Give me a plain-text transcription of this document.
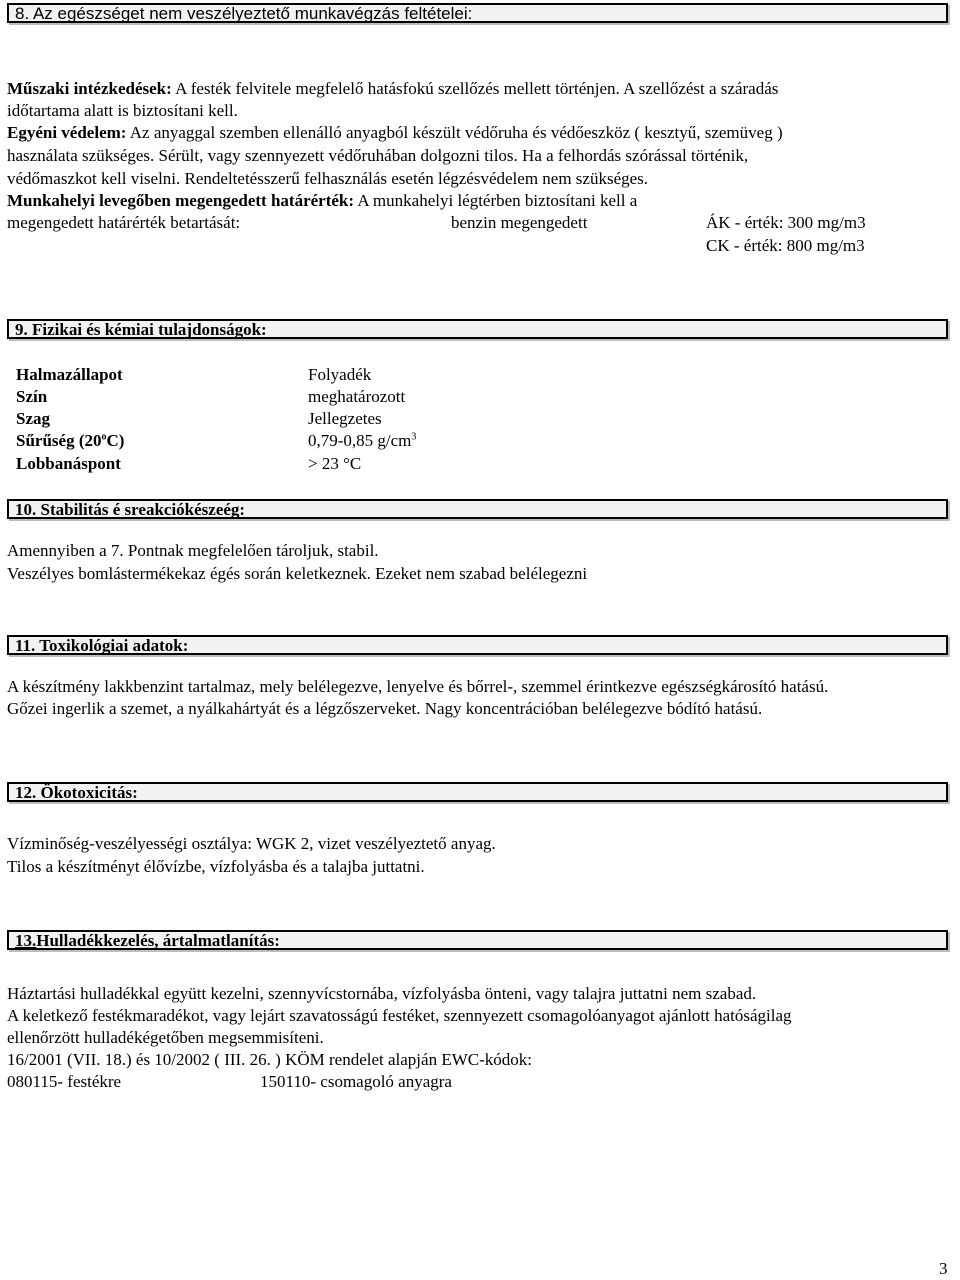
8. Az egészséget nem veszélyeztető munkavégzás feltételei:
Műszaki intézkedések: A festék felvitele megfelelő hatásfokú szellőzés mellett történjen. A szellőzést a száradás
időtartama alatt is biztosítani kell.
Egyéni védelem: Az anyaggal szemben ellenálló anyagból készült védőruha és védőeszköz ( kesztyű, szemüveg )
használata szükséges. Sérült, vagy szennyezett védőruhában dolgozni tilos. Ha a felhordás szórással történik,
védőmaszkot kell viselni. Rendeltetésszerű felhasználás esetén légzésvédelem nem szükséges.
Munkahelyi levegőben megengedett határérték: A munkahelyi légtérben biztosítani kell a
megengedett határérték betartását:	benzin megengedett	ÁK - érték: 300 mg/m3
CK - érték: 800 mg/m3
9. Fizikai és kémiai tulajdonságok:
Halmazállapot	Folyadék
Szín	meghatározott
Szag	Jellegzetes
Sűrűség (20$^o$C)	0,79-0,85 $g/cm^3$
Lobbanáspont	> 23 °C
10. Stabilitás é sreakciókészeég:
Amennyiben a 7. Pontnak megfelelően tároljuk, stabil.
Veszélyes bomlástermékekaz égés során keletkeznek. Ezeket nem szabad belélegezni
11. Toxikológiai adatok:
A készítmény lakkbenzint tartalmaz, mely belélegezve, lenyelve és bőrrel-, szemmel érintkezve egészségkárosító hatású.
Gőzei ingerlik a szemet, a nyálkahártyát és a légzőszerveket. Nagy koncentrációban belélegezve bódító hatású.
12. Ökotoxicitás:
Vízminőség-veszélyességi osztálya: WGK 2, vizet veszélyeztető anyag.
Tilos a készítményt élővízbe, vízfolyásba és a talajba juttatni.
13.Hulladékkezelés, ártalmatlanítás:
Háztartási hulladékkal együtt kezelni, szennyvícstornába, vízfolyásba önteni, vagy talajra juttatni nem szabad.
A keletkező festékmaradékot, vagy lejárt szavatosságú festéket, szennyezett csomagolóanyagot ajánlott hatóságilag
ellenőrzött hulladékégetőben megsemmisíteni.
16/2001 (VII. 18.) és 10/2002 ( III. 26. ) KÖM rendelet alapján EWC-kódok:
080115- festékre	150110- csomagoló anyagra
3
